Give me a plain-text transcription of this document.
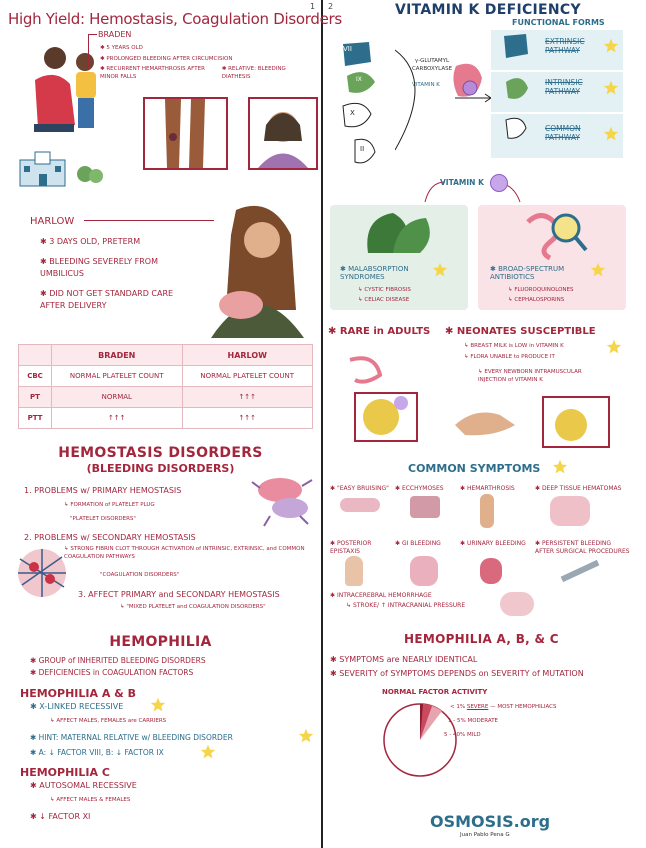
1 2
High Yield: Hemostasis, Coagulation Disorders
BRADEN
✱ 5 YEARS OLD
✱ PROLONGED BLEEDING AFTER CIRCUMCISION
✱ RECURRENT HEMARTHROSIS AFTER MINOR FALLS ✱ RELATIVE: BLEEDING DIATHESIS
HARLOW
✱ 3 DAYS OLD, PRETERM
✱ BLEEDING SEVERELY FROM UMBILICUS
✱ DID NOT GET STANDARD CARE AFTER DELIVERY
	BRADEN	HARLOW
CBC	NORMAL PLATELET COUNT	NORMAL PLATELET COUNT
PT	NORMAL	↑↑↑
PTT	↑↑↑	↑↑↑
HEMOSTASIS DISORDERS
(BLEEDING DISORDERS)
1. PROBLEMS w/ PRIMARY HEMOSTASIS
↳ FORMATION of PLATELET PLUG
"PLATELET DISORDERS"
2. PROBLEMS w/ SECONDARY HEMOSTASIS
↳ STRONG FIBRIN CLOT THROUGH ACTIVATION of INTRINSIC, EXTRINSIC, and COMMON COAGULATION PATHWAYS
"COAGULATION DISORDERS"
3. AFFECT PRIMARY and SECONDARY HEMOSTASIS
↳ "MIXED PLATELET and COAGULATION DISORDERS"
HEMOPHILIA
✱ GROUP of INHERITED BLEEDING DISORDERS
✱ DEFICIENCIES in COAGULATION FACTORS
HEMOPHILIA A & B
✱ X-LINKED RECESSIVE
↳ AFFECT MALES, FEMALES are CARRIERS
✱ HINT: MATERNAL RELATIVE w/ BLEEDING DISORDER
✱ A: ↓ FACTOR VIII, B: ↓ FACTOR IX
HEMOPHILIA C
✱ AUTOSOMAL RECESSIVE
↳ AFFECT MALES & FEMALES
✱ ↓ FACTOR XI
VITAMIN K DEFICIENCY
FUNCTIONAL FORMS
VII
IX
X
II
γ-GLUTAMYL CARBOXYLASE
VITAMIN K
EXTRINSIC PATHWAY
INTRINSIC PATHWAY
COMMON PATHWAY
VITAMIN K
✱ MALABSORPTION SYNDROMES
↳ CYSTIC FIBROSIS
↳ CELIAC DISEASE
✱ BROAD-SPECTRUM ANTIBIOTICS
↳ FLUOROQUINOLONES
↳ CEPHALOSPORINS
✱ RARE in ADULTS ✱ NEONATES SUSCEPTIBLE
↳ BREAST MILK is LOW in VITAMIN K
↳ FLORA UNABLE to PRODUCE IT
↳ EVERY NEWBORN INTRAMUSCULAR INJECTION of VITAMIN K
COMMON SYMPTOMS
✱ "EASY BRUISING" ✱ ECCHYMOSES	✱ HEMARTHROSIS	✱ DEEP TISSUE HEMATOMAS
✱ POSTERIOR EPISTAXIS
✱ GI BLEEDING	✱ URINARY BLEEDING ✱ PERSISTENT BLEEDING AFTER SURGICAL PROCEDURES
✱ INTRACEREBRAL HEMORRHAGE
↳ STROKE/ ↑ INTRACRANIAL PRESSURE
HEMOPHILIA A, B, & C
✱ SYMPTOMS are NEARLY IDENTICAL
✱ SEVERITY of SYMPTOMS DEPENDS on SEVERITY of MUTATION
NORMAL FACTOR ACTIVITY
< 1% SEVERE — MOST HEMOPHILIACS
1 - 5% MODERATE
5 - 40% MILD
OSMOSIS.org
Juan Pablo Pena G
